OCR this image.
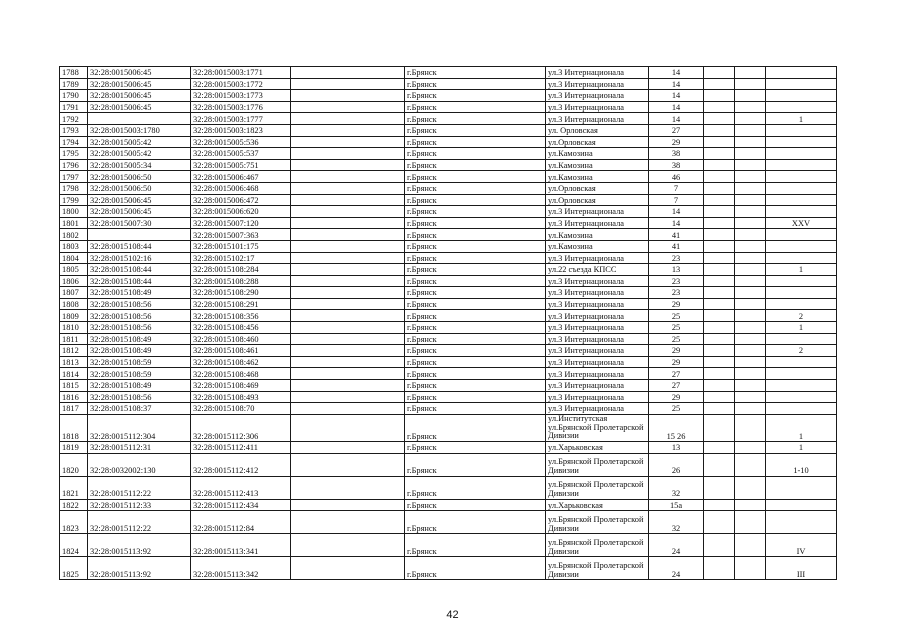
1788	32:28:0015006:45	32:28:0015003:1771		г.Брянск	ул.3 Интернационала	14			
1789	32:28:0015006:45	32:28:0015003:1772		г.Брянск	ул.3 Интернационала	14			
1790	32:28:0015006:45	32:28:0015003:1773		г.Брянск	ул.3 Интернационала	14			
1791	32:28:0015006:45	32:28:0015003:1776		г.Брянск	ул.3 Интернационала	14			
1792		32:28:0015003:1777		г.Брянск	ул.3 Интернационала	14			1
1793	32:28:0015003:1780	32:28:0015003:1823		г.Брянск	ул. Орловская	27			
1794	32:28:0015005:42	32:28:0015005:536		г.Брянск	ул.Орловская	29			
1795	32:28:0015005:42	32:28:0015005:537		г.Брянск	ул.Камозина	38			
1796	32:28:0015005:34	32:28:0015005:751		г.Брянск	ул.Камозина	38			
1797	32:28:0015006:50	32:28:0015006:467		г.Брянск	ул.Камозина	46			
1798	32:28:0015006:50	32:28:0015006:468		г.Брянск	ул.Орловская	7			
1799	32:28:0015006:45	32:28:0015006:472		г.Брянск	ул.Орловская	7			
1800	32:28:0015006:45	32:28:0015006:620		г.Брянск	ул.3 Интернационала	14			
1801	32:28:0015007:30	32:28:0015007:120		г.Брянск	ул.3 Интернационала	14			XXV
1802		32:28:0015007:363		г.Брянск	ул.Камозина	41			
1803	32:28:0015108:44	32:28:0015101:175		г.Брянск	ул.Камозина	41			
1804	32:28:0015102:16	32:28:0015102:17		г.Брянск	ул.3 Интернационала	23			
1805	32:28:0015108:44	32:28:0015108:284		г.Брянск	ул.22 съезда КПСС	13			1
1806	32:28:0015108:44	32:28:0015108:288		г.Брянск	ул.3 Интернационала	23			
1807	32:28:0015108:49	32:28:0015108:290		г.Брянск	ул.3 Интернационала	23			
1808	32:28:0015108:56	32:28:0015108:291		г.Брянск	ул.3 Интернационала	29			
1809	32:28:0015108:56	32:28:0015108:356		г.Брянск	ул.3 Интернационала	25			2
1810	32:28:0015108:56	32:28:0015108:456		г.Брянск	ул.3 Интернационала	25			1
1811	32:28:0015108:49	32:28:0015108:460		г.Брянск	ул.3 Интернационала	25			
1812	32:28:0015108:49	32:28:0015108:461		г.Брянск	ул.3 Интернационала	29			2
1813	32:28:0015108:59	32:28:0015108:462		г.Брянск	ул.3 Интернационала	29			
1814	32:28:0015108:59	32:28:0015108:468		г.Брянск	ул.3 Интернационала	27			
1815	32:28:0015108:49	32:28:0015108:469		г.Брянск	ул.3 Интернационала	27			
1816	32:28:0015108:56	32:28:0015108:493		г.Брянск	ул.3 Интернационала	29			
1817	32:28:0015108:37	32:28:0015108:70		г.Брянск	ул.3 Интернационала	25			
1818	32:28:0015112:304	32:28:0015112:306		г.Брянск	ул.Институтская ул.Брянской Пролетарской Дивизии	15 26			1
1819	32:28:0015112:31	32:28:0015112:411		г.Брянск	ул.Харьковская	13			1
1820	32:28:0032002:130	32:28:0015112:412		г.Брянск	ул.Брянской Пролетарской Дивизии	26			1-10
1821	32:28:0015112:22	32:28:0015112:413		г.Брянск	ул.Брянской Пролетарской Дивизии	32			
1822	32:28:0015112:33	32:28:0015112:434		г.Брянск	ул.Харьковская	15а			
1823	32:28:0015112:22	32:28:0015112:84		г.Брянск	ул.Брянской Пролетарской Дивизии	32			
1824	32:28:0015113:92	32:28:0015113:341		г.Брянск	ул.Брянской Пролетарской Дивизии	24			IV
1825	32:28:0015113:92	32:28:0015113:342		г.Брянск	ул.Брянской Пролетарской Дивизии	24			III
42
